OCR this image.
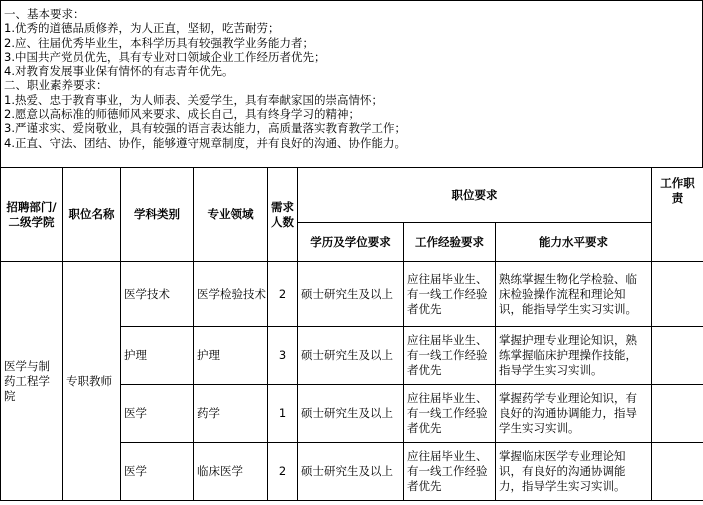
一、基本要求：
1.优秀的道德品质修养，为人正直，坚韧，吃苦耐劳；
2.应、往届优秀毕业生，本科学历具有较强教学业务能力者；
3.中国共产党员优先，具有专业对口领域企业工作经历者优先；
4.对教育发展事业保有情怀的有志青年优先。
二、职业素养要求：
1.热爱、忠于教育事业，为人师表、关爱学生，具有奉献家国的崇高情怀；
2.愿意以高标准的师德师风来要求、成长自己，具有终身学习的精神；
3.严谨求实、爱岗敬业，具有较强的语言表达能力，高质量落实教育教学工作；
4.正直、守法、团结、协作，能够遵守规章制度，并有良好的沟通、协作能力。
招聘部门/二级学院	职位名称	学科类别	专业领域	需求人数	职位要求			工作职责
					学历及学位要求	工作经验要求	能力水平要求	
医学与制药工程学院	专职教师	医学技术	医学检验技术	2	硕士研究生及以上	应往届毕业生、有一线工作经验者优先	熟练掌握生物化学检验、临床检验操作流程和理论知识，能指导学生实习实训。	
		护理	护理	3	硕士研究生及以上	应往届毕业生、有一线工作经验者优先	掌握护理专业理论知识，熟练掌握临床护理操作技能，指导学生实习实训。	
		医学	药学	1	硕士研究生及以上	应往届毕业生、有一线工作经验者优先	掌握药学专业理论知识，有良好的沟通协调能力，指导学生实习实训。	
		医学	临床医学	2	硕士研究生及以上	应往届毕业生、有一线工作经验者优先	掌握临床医学专业理论知识，有良好的沟通协调能力，指导学生实习实训。	
